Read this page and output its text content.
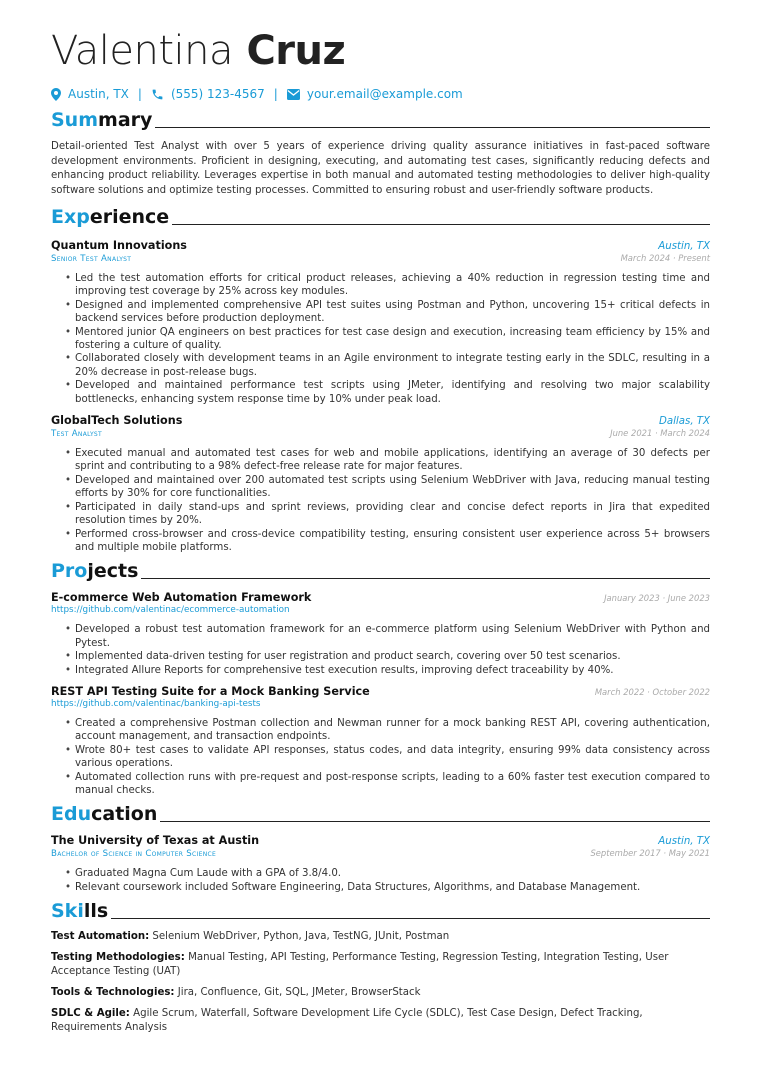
Valentina Cruz
Austin, TX | (555) 123-4567 | your.email@example.com
Summary

Detail-oriented Test Analyst with over 5 years of experience driving quality assurance initiatives in fast-paced software development environments. Proficient in designing, executing, and automating test cases, significantly reducing defects and enhancing product reliability. Leverages expertise in both manual and automated testing methodologies to deliver high-quality software solutions and optimize testing processes. Committed to ensuring robust and user-friendly software products.

Experience
Quantum Innovations	Austin, TX
Senior Test Analyst	March 2024 · Present
• Led the test automation efforts for critical product releases, achieving a 40% reduction in regression testing time and improving test coverage by 25% across key modules.
• Designed and implemented comprehensive API test suites using Postman and Python, uncovering 15+ critical defects in backend services before production deployment.
• Mentored junior QA engineers on best practices for test case design and execution, increasing team efficiency by 15% and fostering a culture of quality.
• Collaborated closely with development teams in an Agile environment to integrate testing early in the SDLC, resulting in a 20% decrease in post-release bugs.
• Developed and maintained performance test scripts using JMeter, identifying and resolving two major scalability bottlenecks, enhancing system response time by 10% under peak load.
GlobalTech Solutions	Dallas, TX
Test Analyst	June 2021 · March 2024
• Executed manual and automated test cases for web and mobile applications, identifying an average of 30 defects per sprint and contributing to a 98% defect-free release rate for major features.
• Developed and maintained over 200 automated test scripts using Selenium WebDriver with Java, reducing manual testing efforts by 30% for core functionalities.
• Participated in daily stand-ups and sprint reviews, providing clear and concise defect reports in Jira that expedited resolution times by 20%.
• Performed cross-browser and cross-device compatibility testing, ensuring consistent user experience across 5+ browsers and multiple mobile platforms.
Projects
E-commerce Web Automation Framework	January 2023 · June 2023
https://github.com/valentinac/ecommerce-automation
• Developed a robust test automation framework for an e-commerce platform using Selenium WebDriver with Python and Pytest.
• Implemented data-driven testing for user registration and product search, covering over 50 test scenarios.
• Integrated Allure Reports for comprehensive test execution results, improving defect traceability by 40%.
REST API Testing Suite for a Mock Banking Service	March 2022 · October 2022
https://github.com/valentinac/banking-api-tests
• Created a comprehensive Postman collection and Newman runner for a mock banking REST API, covering authentication, account management, and transaction endpoints.
• Wrote 80+ test cases to validate API responses, status codes, and data integrity, ensuring 99% data consistency across various operations.
• Automated collection runs with pre-request and post-response scripts, leading to a 60% faster test execution compared to manual checks.
Education
The University of Texas at Austin	Austin, TX
Bachelor of Science in Computer Science	September 2017 · May 2021
• Graduated Magna Cum Laude with a GPA of 3.8/4.0.
• Relevant coursework included Software Engineering, Data Structures, Algorithms, and Database Management.
Skills

Test Automation: Selenium WebDriver, Python, Java, TestNG, JUnit, Postman

Testing Methodologies: Manual Testing, API Testing, Performance Testing, Regression Testing, Integration Testing, User Acceptance Testing (UAT)

Tools & Technologies: Jira, Confluence, Git, SQL, JMeter, BrowserStack

SDLC & Agile: Agile Scrum, Waterfall, Software Development Life Cycle (SDLC), Test Case Design, Defect Tracking, Requirements Analysis
